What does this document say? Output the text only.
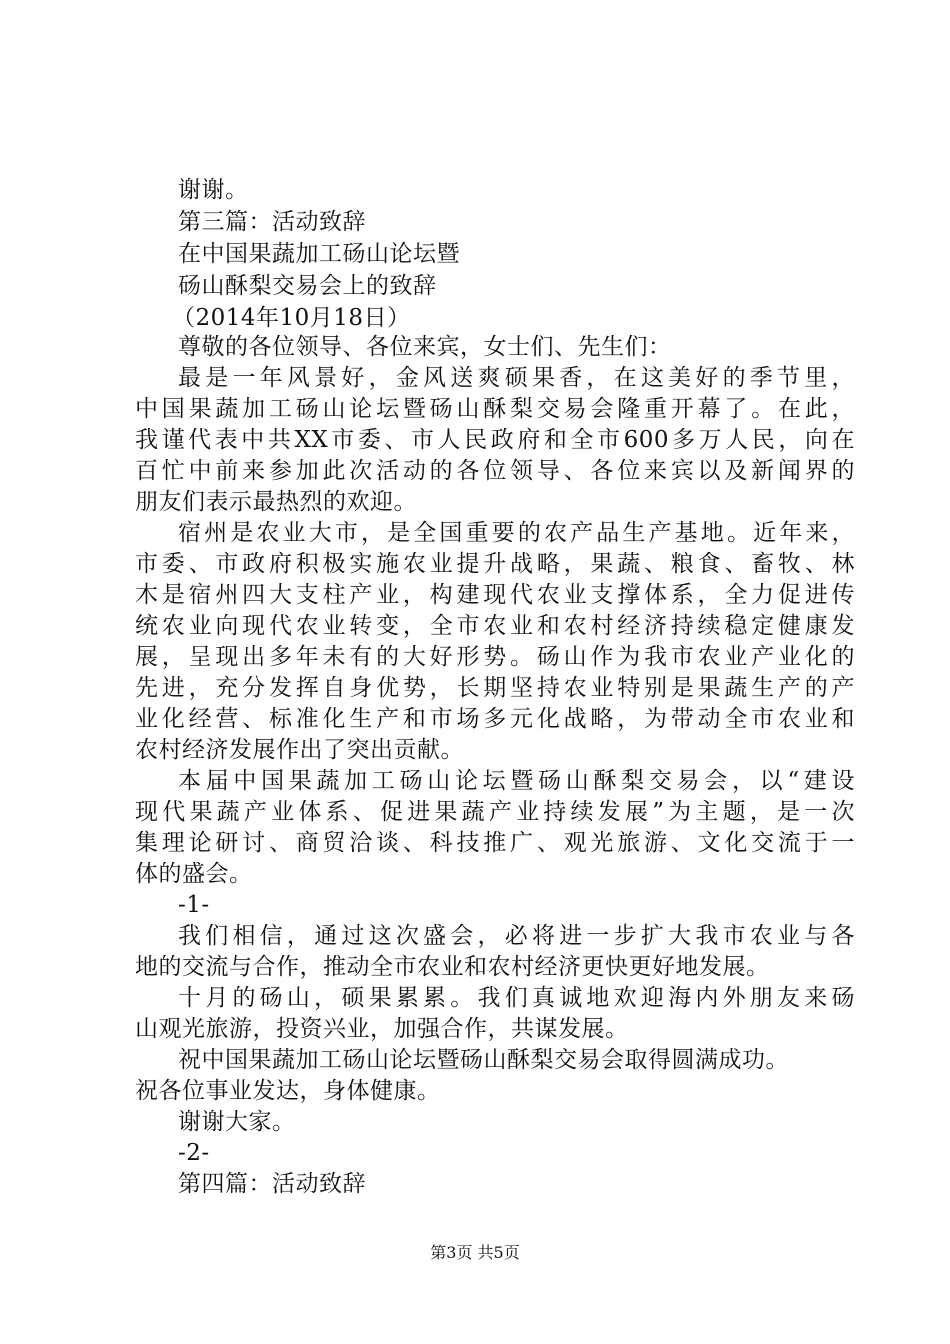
谢谢。
第三篇：活动致辞
在中国果蔬加工砀山论坛暨
砀山酥梨交易会上的致辞
（2014年10月18日）
尊敬的各位领导、各位来宾，女士们、先生们：
最是一年风景好，金风送爽硕果香，在这美好的季节里，
中国果蔬加工砀山论坛暨砀山酥梨交易会隆重开幕了。在此，
我谨代表中共XX市委、市人民政府和全市600多万人民，向在
百忙中前来参加此次活动的各位领导、各位来宾以及新闻界的
朋友们表示最热烈的欢迎。
宿州是农业大市，是全国重要的农产品生产基地。近年来，
市委、市政府积极实施农业提升战略，果蔬、粮食、畜牧、林
木是宿州四大支柱产业，构建现代农业支撑体系，全力促进传
统农业向现代农业转变，全市农业和农村经济持续稳定健康发
展，呈现出多年未有的大好形势。砀山作为我市农业产业化的
先进，充分发挥自身优势，长期坚持农业特别是果蔬生产的产
业化经营、标准化生产和市场多元化战略，为带动全市农业和
农村经济发展作出了突出贡献。
本届中国果蔬加工砀山论坛暨砀山酥梨交易会，以“建设
现代果蔬产业体系、促进果蔬产业持续发展”为主题，是一次
集理论研讨、商贸洽谈、科技推广、观光旅游、文化交流于一
体的盛会。
-1-
我们相信，通过这次盛会，必将进一步扩大我市农业与各
地的交流与合作，推动全市农业和农村经济更快更好地发展。
十月的砀山，硕果累累。我们真诚地欢迎海内外朋友来砀
山观光旅游，投资兴业，加强合作，共谋发展。
祝中国果蔬加工砀山论坛暨砀山酥梨交易会取得圆满成功。
祝各位事业发达，身体健康。
谢谢大家。
-2-
第四篇：活动致辞
第3页 共5页
